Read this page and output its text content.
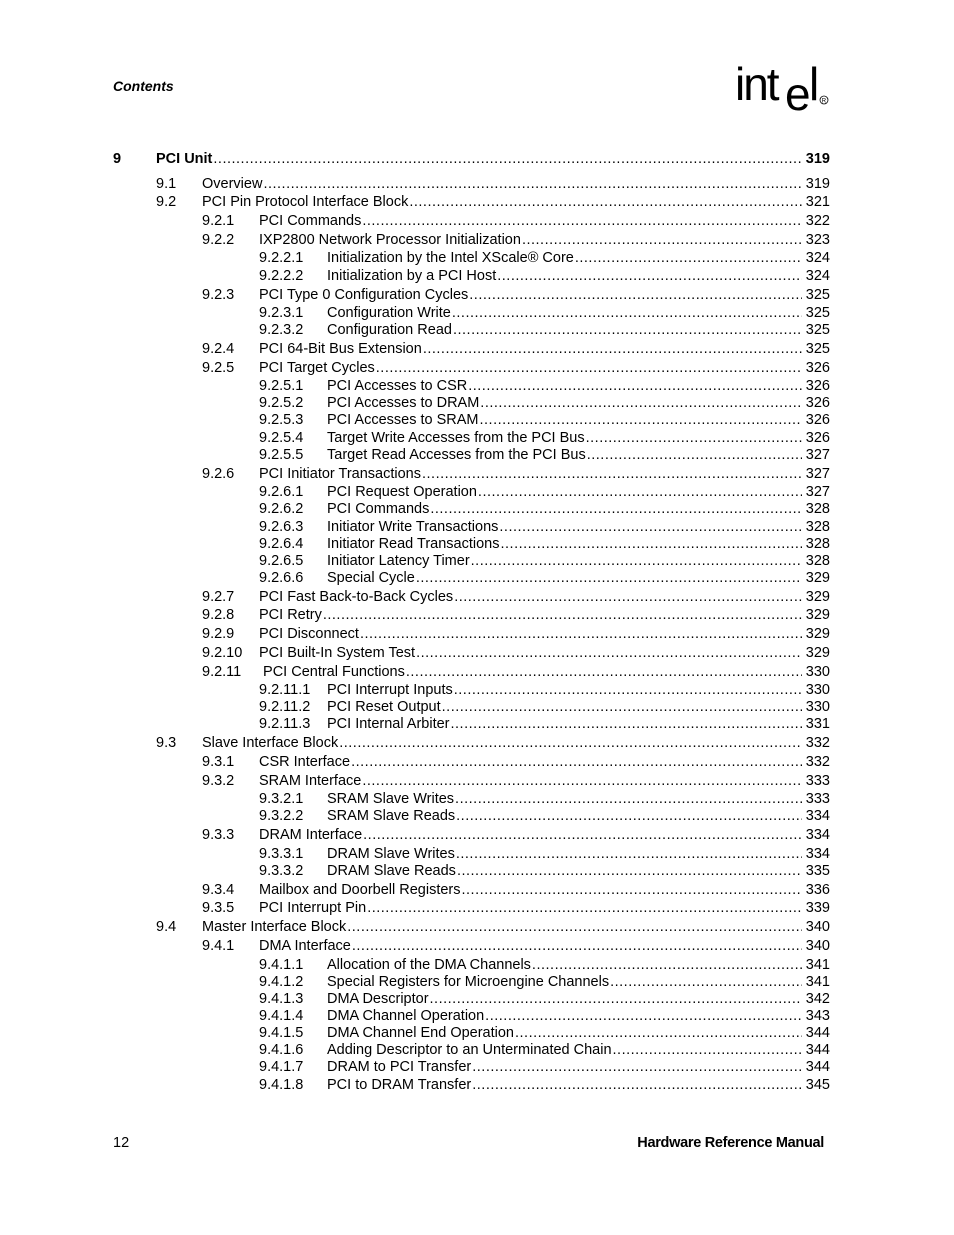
Contents	int e
l R
9 PCI Unit .....	319
9.1 Overview .....	319
9.2 PCI Pin Protocol Interface Block .....	321
9.2.1 PCI Commands .....	322
9.2.2 IXP2800 Network Processor Initialization .....	323
9.2.2.1 Initialization by the Intel XScale® Core .....	324
9.2.2.2 Initialization by a PCI Host .....	324
9.2.3 PCI Type 0 Configuration Cycles .....	325
9.2.3.1 Configuration Write .....	325
9.2.3.2 Configuration Read .....	325
9.2.4 PCI 64-Bit Bus Extension .....	325
9.2.5 PCI Target Cycles .....	326
9.2.5.1 PCI Accesses to CSR .....	326
9.2.5.2 PCI Accesses to DRAM .....	326
9.2.5.3 PCI Accesses to SRAM .....	326
9.2.5.4 Target Write Accesses from the PCI Bus .....	326
9.2.5.5 Target Read Accesses from the PCI Bus .....	327
9.2.6 PCI Initiator Transactions .....	327
9.2.6.1 PCI Request Operation .....	327
9.2.6.2 PCI Commands .....	328
9.2.6.3 Initiator Write Transactions .....	328
9.2.6.4 Initiator Read Transactions .....	328
9.2.6.5 Initiator Latency Timer .....	328
9.2.6.6 Special Cycle .....	329
9.2.7 PCI Fast Back-to-Back Cycles .....	329
9.2.8 PCI Retry .....	329
9.2.9 PCI Disconnect .....	329
9.2.10 PCI Built-In System Test .....	329
9.2.11 PCI Central Functions .....	330
9.2.11.1 PCI Interrupt Inputs .....	330
9.2.11.2 PCI Reset Output .....	330
9.2.11.3 PCI Internal Arbiter .....	331
9.3 Slave Interface Block .....	332
9.3.1 CSR Interface .....	332
9.3.2 SRAM Interface .....	333
9.3.2.1 SRAM Slave Writes .....	333
9.3.2.2 SRAM Slave Reads .....	334
9.3.3 DRAM Interface .....	334
9.3.3.1 DRAM Slave Writes .....	334
9.3.3.2 DRAM Slave Reads .....	335
9.3.4 Mailbox and Doorbell Registers .....	336
9.3.5 PCI Interrupt Pin .....	339
9.4 Master Interface Block .....	340
9.4.1 DMA Interface .....	340
9.4.1.1 Allocation of the DMA Channels .....	341
9.4.1.2 Special Registers for Microengine Channels .....	341
9.4.1.3 DMA Descriptor .....	342
9.4.1.4 DMA Channel Operation .....	343
9.4.1.5 DMA Channel End Operation .....	344
9.4.1.6 Adding Descriptor to an Unterminated Chain .....	344
9.4.1.7 DRAM to PCI Transfer .....	344
9.4.1.8 PCI to DRAM Transfer .....	345
12	Hardware Reference Manual
